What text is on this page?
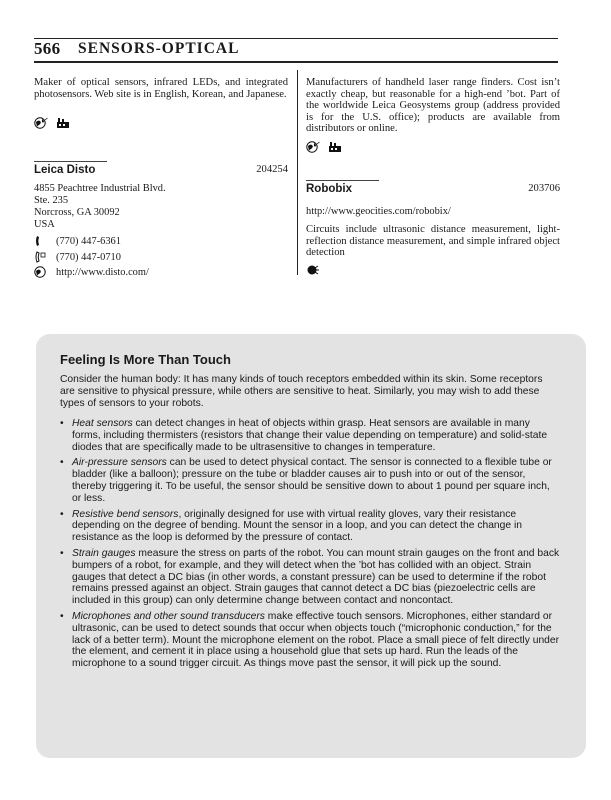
566 SENSORS-OPTICAL

Maker of optical sensors, infrared LEDs, and integrated photosensors. Web site is in English, Korean, and Japanese.

Leica Disto	204254
4855 Peachtree Industrial Blvd.
Ste. 235
Norcross, GA 30092
USA
(770) 447-6361
(770) 447-0710
http://www.disto.com/

Manufacturers of handheld laser range finders. Cost isn’t exactly cheap, but reasonable for a high-end ’bot. Part of the worldwide Leica Geosystems group (address provided is for the U.S. office); products are available from distributors or online.

Robobix	203706
http://www.geocities.com/robobix/

Circuits include ultrasonic distance measurement, light-reflection distance measurement, and simple infrared object detection

Feeling Is More Than Touch

Consider the human body: It has many kinds of touch receptors embedded within its skin. Some receptors are sensitive to physical pressure, while others are sensitive to heat. Similarly, you may wish to add these types of sensors to your robots.

• Heat sensors can detect changes in heat of objects within grasp. Heat sensors are available in many forms, including thermisters (resistors that change their value depending on temperature) and solid-state diodes that are specifically made to be ultrasensitive to changes in temperature.
• Air-pressure sensors can be used to detect physical contact. The sensor is connected to a flexible tube or bladder (like a balloon); pressure on the tube or bladder causes air to push into or out of the sensor, thereby triggering it. To be useful, the sensor should be sensitive down to about 1 pound per square inch, or less.
• Resistive bend sensors, originally designed for use with virtual reality gloves, vary their resistance depending on the degree of bending. Mount the sensor in a loop, and you can detect the change in resistance as the loop is deformed by the pressure of contact.
• Strain gauges measure the stress on parts of the robot. You can mount strain gauges on the front and back bumpers of a robot, for example, and they will detect when the ’bot has collided with an object. Strain gauges that detect a DC bias (in other words, a constant pressure) can be used to determine if the robot remains pressed against an object. Strain gauges that cannot detect a DC bias (piezoelectric cells are included in this group) can only determine change between contact and noncontact.
• Microphones and other sound transducers make effective touch sensors. Microphones, either standard or ultrasonic, can be used to detect sounds that occur when objects touch (“microphonic conduction,” for the lack of a better term). Mount the microphone element on the robot. Place a small piece of felt directly under the element, and cement it in place using a household glue that sets up hard. Run the leads of the microphone to a sound trigger circuit. As things move past the sensor, it will pick up the sound.
